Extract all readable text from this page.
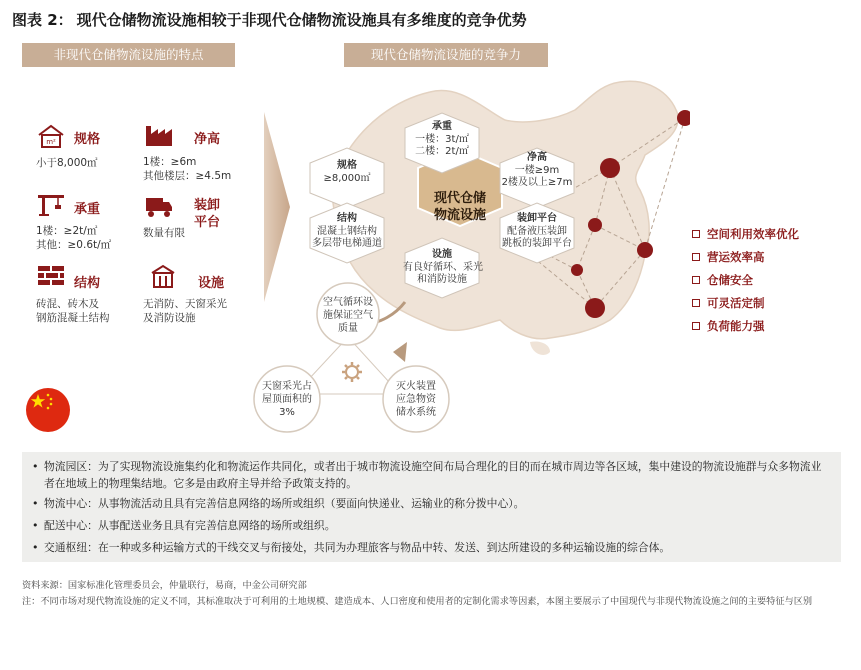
图表 2： 现代仓储物流设施相较于非现代仓储物流设施具有多维度的竞争优势
非现代仓储物流设施的特点	现代仓储物流设施的竞争力
m² 规格
小于8,000㎡
净高
1楼：≥6m
其他楼层：≥4.5m
承重
1楼：≥2t/㎡
其他：≥0.6t/㎡
装卸
平台
数量有限
结构
砖混、砖木及
钢筋混凝土结构
设施
无消防、天窗采光
及消防设施
现代仓储
物流设施
规格
≥8,000㎡
承重
一楼：3t/㎡
二楼：2t/㎡
净高
一楼≥9m
2楼及以上≥7m
结构
混凝土钢结构
多层带电梯通道
设施
有良好循环、采光
和消防设施
装卸平台
配备液压装卸
跳板的装卸平台
空气循环设
施保证空气
质量
天窗采光占
屋顶面积的
3%
灭火装置
应急物资
储水系统
空间利用效率优化
营运效率高
仓储安全
可灵活定制
负荷能力强
• 物流园区：为了实现物流设施集约化和物流运作共同化，或者出于城市物流设施空间布局合理化的目的而在城市周边等各区域，集中建设的物流设施群与众多物流业者在地域上的物理集结地。它多是由政府主导并给予政策支持的。
• 物流中心：从事物流活动且具有完善信息网络的场所或组织（要面向快递业、运输业的称分拨中心）。
• 配送中心：从事配送业务且具有完善信息网络的场所或组织。
• 交通枢纽：在一种或多种运输方式的干线交叉与衔接处，共同为办理旅客与物品中转、发送、到达所建设的多种运输设施的综合体。
资料来源：国家标准化管理委员会，仲量联行，易商，中金公司研究部
注：不同市场对现代物流设施的定义不同，其标准取决于可利用的土地规模、建造成本、人口密度和使用者的定制化需求等因素，本图主要展示了中国现代与非现代物流设施之间的主要特征与区别
